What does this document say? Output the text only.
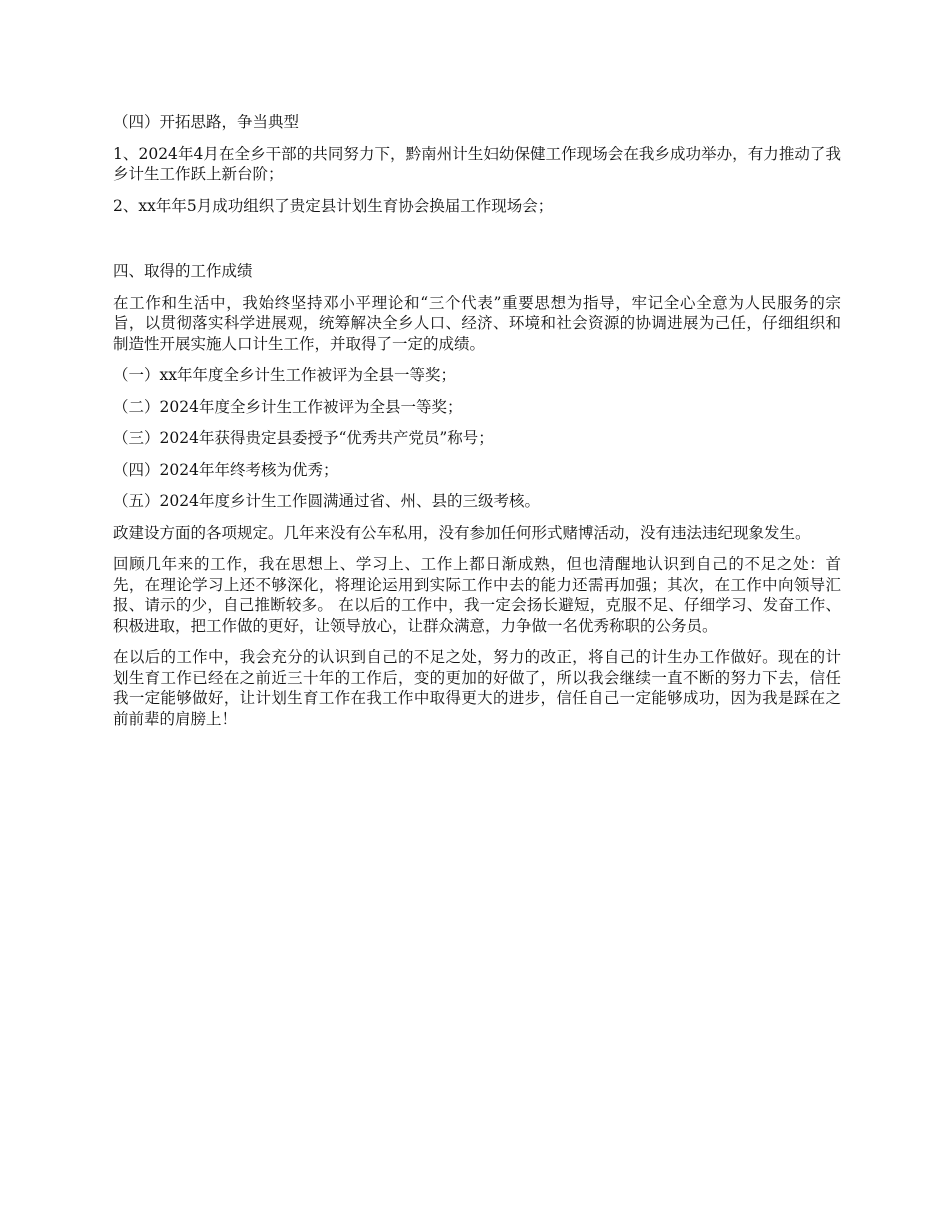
（四）开拓思路，争当典型

1、2024年4月在全乡干部的共同努力下，黔南州计生妇幼保健工作现场会在我乡成功举办，有力推动了我乡计生工作跃上新台阶；

2、xx年年5月成功组织了贵定县计划生育协会换届工作现场会；

四、取得的工作成绩

在工作和生活中，我始终坚持邓小平理论和“三个代表”重要思想为指导，牢记全心全意为人民服务的宗旨，以贯彻落实科学进展观，统筹解决全乡人口、经济、环境和社会资源的协调进展为己任，仔细组织和制造性开展实施人口计生工作，并取得了一定的成绩。

（一）xx年年度全乡计生工作被评为全县一等奖；

（二）2024年度全乡计生工作被评为全县一等奖；

（三）2024年获得贵定县委授予“优秀共产党员”称号；

（四）2024年年终考核为优秀；

（五）2024年度乡计生工作圆满通过省、州、县的三级考核。

政建设方面的各项规定。几年来没有公车私用，没有参加任何形式赌博活动，没有违法违纪现象发生。

回顾几年来的工作，我在思想上、学习上、工作上都日渐成熟，但也清醒地认识到自己的不足之处：首先，在理论学习上还不够深化，将理论运用到实际工作中去的能力还需再加强；其次，在工作中向领导汇报、请示的少，自己推断较多。 在以后的工作中，我一定会扬长避短，克服不足、仔细学习、发奋工作、积极进取，把工作做的更好，让领导放心，让群众满意，力争做一名优秀称职的公务员。

在以后的工作中，我会充分的认识到自己的不足之处，努力的改正，将自己的计生办工作做好。现在的计划生育工作已经在之前近三十年的工作后，变的更加的好做了，所以我会继续一直不断的努力下去，信任我一定能够做好，让计划生育工作在我工作中取得更大的进步，信任自己一定能够成功，因为我是踩在之前前辈的肩膀上！
